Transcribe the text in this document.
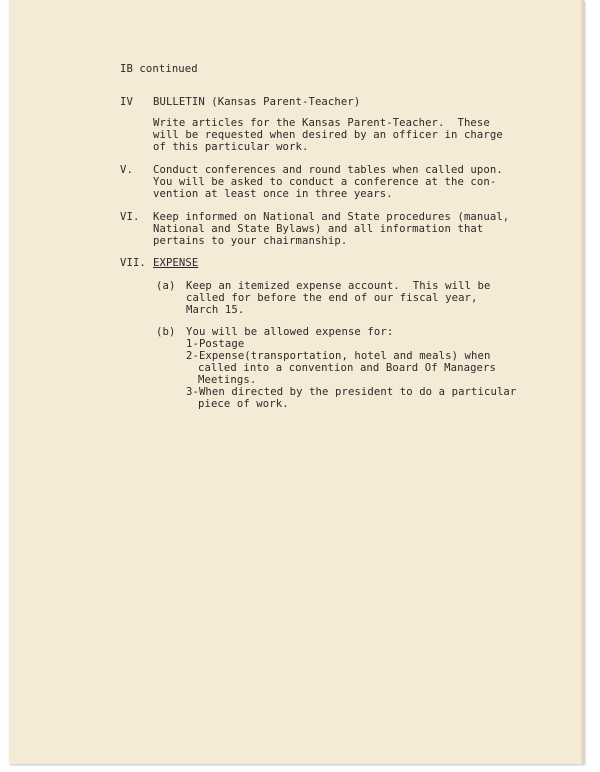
IB continued
IV BULLETIN (Kansas Parent-Teacher)
Write articles for the Kansas Parent-Teacher.  These
will be requested when desired by an officer in charge
of this particular work.
V. Conduct conferences and round tables when called upon.
You will be asked to conduct a conference at the con-
vention at least once in three years.
VI. Keep informed on National and State procedures (manual,
National and State Bylaws) and all information that
pertains to your chairmanship.
VII. EXPENSE
(a) Keep an itemized expense account.  This will be
called for before the end of our fiscal year,
March 15.
(b) You will be allowed expense for:
1-Postage
2-Expense(transportation, hotel and meals) when
called into a convention and Board Of Managers
Meetings.
3-When directed by the president to do a particular
piece of work.
